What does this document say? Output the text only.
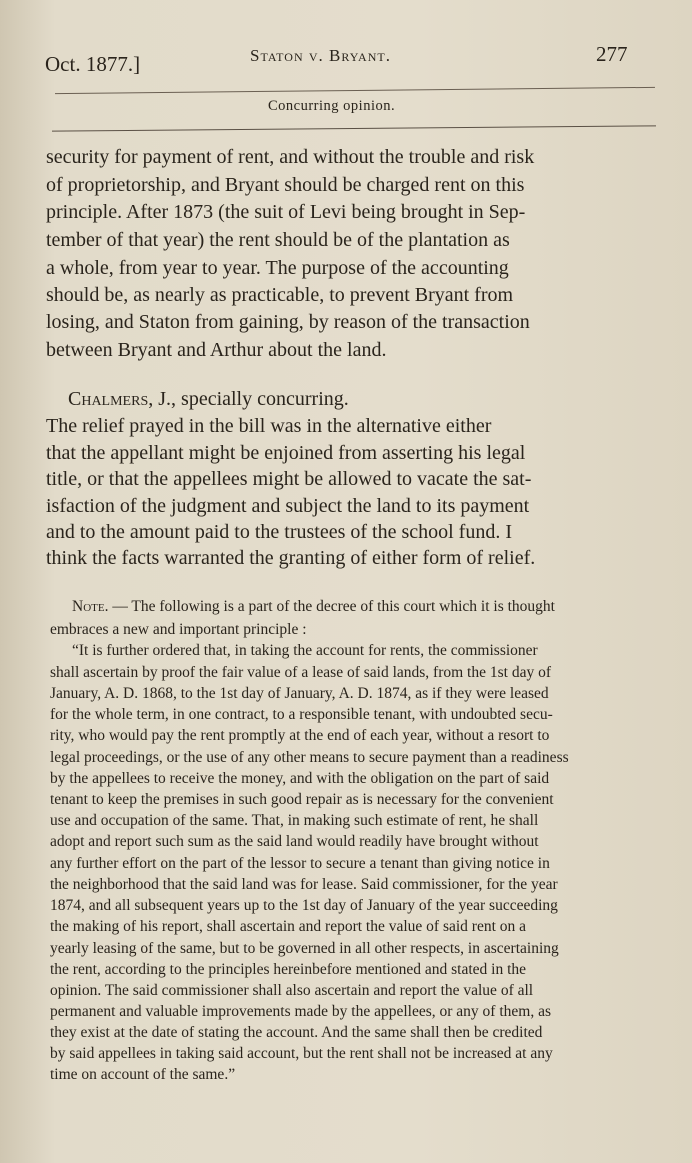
Oct. 1877.]	Staton v. Bryant.	277
Concurring opinion.
security for payment of rent, and without the trouble and risk
of proprietorship, and Bryant should be charged rent on this
principle. After 1873 (the suit of Levi being brought in Sep-
tember of that year) the rent should be of the plantation as
a whole, from year to year. The purpose of the accounting
should be, as nearly as practicable, to prevent Bryant from
losing, and Staton from gaining, by reason of the transaction
between Bryant and Arthur about the land.
Chalmers, J., specially concurring.
The relief prayed in the bill was in the alternative either
that the appellant might be enjoined from asserting his legal
title, or that the appellees might be allowed to vacate the sat-
isfaction of the judgment and subject the land to its payment
and to the amount paid to the trustees of the school fund. I
think the facts warranted the granting of either form of relief.
Note. — The following is a part of the decree of this court which it is thought
embraces a new and important principle :
“It is further ordered that, in taking the account for rents, the commissioner
shall ascertain by proof the fair value of a lease of said lands, from the 1st day of
January, A. D. 1868, to the 1st day of January, A. D. 1874, as if they were leased
for the whole term, in one contract, to a responsible tenant, with undoubted secu-
rity, who would pay the rent promptly at the end of each year, without a resort to
legal proceedings, or the use of any other means to secure payment than a readiness
by the appellees to receive the money, and with the obligation on the part of said
tenant to keep the premises in such good repair as is necessary for the convenient
use and occupation of the same. That, in making such estimate of rent, he shall
adopt and report such sum as the said land would readily have brought without
any further effort on the part of the lessor to secure a tenant than giving notice in
the neighborhood that the said land was for lease. Said commissioner, for the year
1874, and all subsequent years up to the 1st day of January of the year succeeding
the making of his report, shall ascertain and report the value of said rent on a
yearly leasing of the same, but to be governed in all other respects, in ascertaining
the rent, according to the principles hereinbefore mentioned and stated in the
opinion. The said commissioner shall also ascertain and report the value of all
permanent and valuable improvements made by the appellees, or any of them, as
they exist at the date of stating the account. And the same shall then be credited
by said appellees in taking said account, but the rent shall not be increased at any
time on account of the same.”
